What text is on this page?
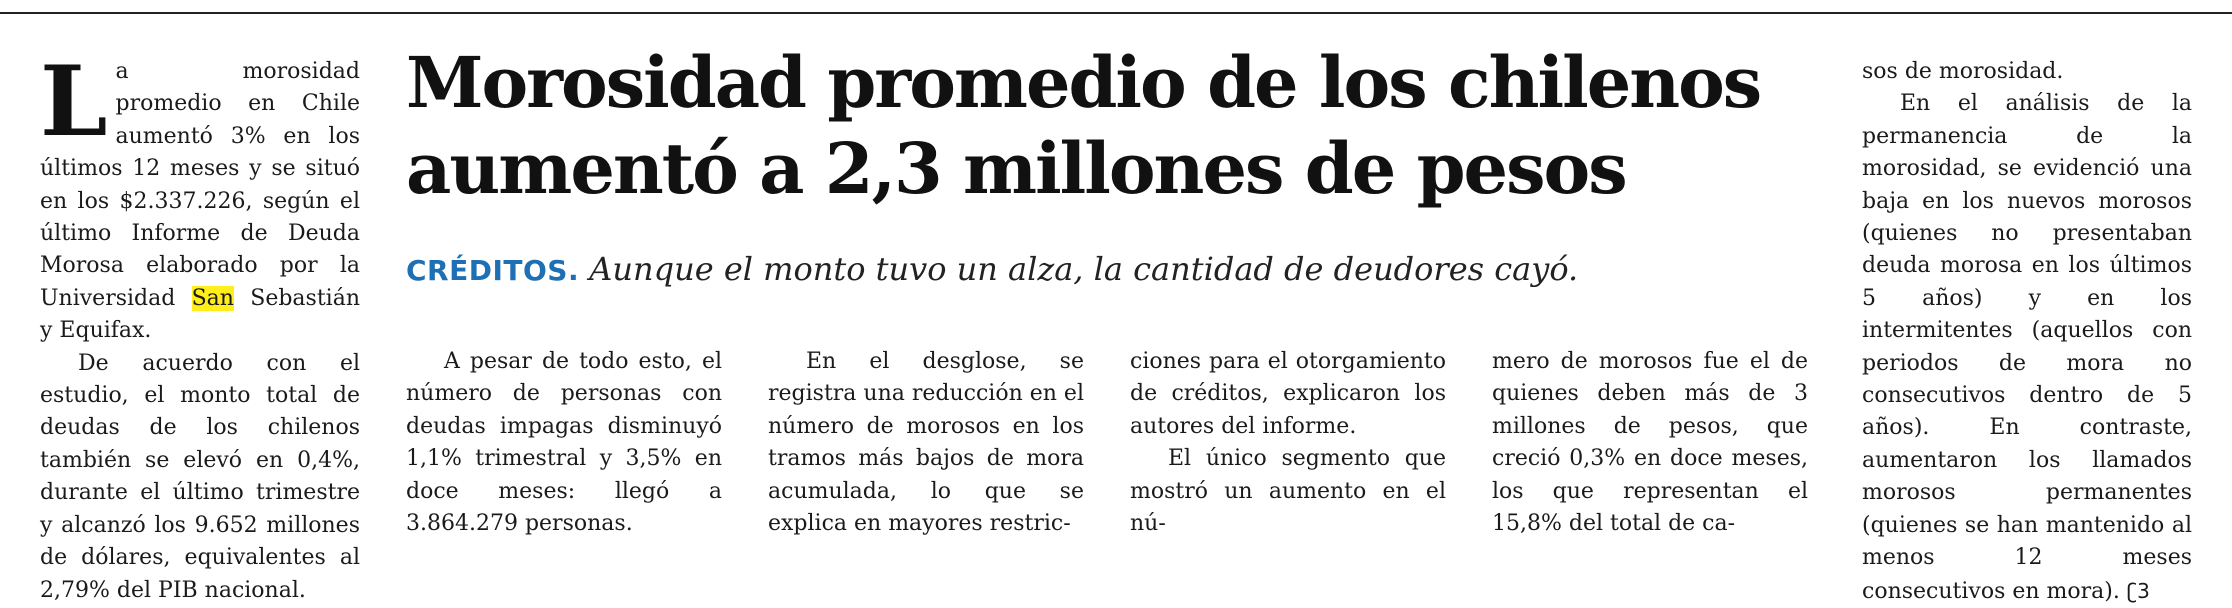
La morosidad promedio en Chile aumentó 3% en los últimos 12 meses y se situó en los $2.337.226, según el último Informe de Deuda Morosa elaborado por la Universidad San Sebastián y Equifax.

De acuerdo con el estudio, el monto total de deudas de los chilenos también se elevó en 0,4%, durante el último trimestre y alcanzó los 9.652 millones de dólares, equivalentes al 2,79% del PIB nacional.

Morosidad promedio de los chilenos
aumentó a 2,3 millones de pesos
CRÉDITOS. Aunque el monto tuvo un alza, la cantidad de deudores cayó.

A pesar de todo esto, el número de personas con deudas impagas disminuyó 1,1% trimestral y 3,5% en doce meses: llegó a 3.864.279 personas.

En el desglose, se registra una reducción en el número de morosos en los tramos más bajos de mora acumulada, lo que se explica en mayores restric-

ciones para el otorgamiento de créditos, explicaron los autores del informe.

El único segmento que mostró un aumento en el nú-

mero de morosos fue el de quienes deben más de 3 millones de pesos, que creció 0,3% en doce meses, los que representan el 15,8% del total de ca-

sos de morosidad.

En el análisis de la permanencia de la morosidad, se evidenció una baja en los nuevos morosos (quienes no presentaban deuda morosa en los últimos 5 años) y en los intermitentes (aquellos con periodos de mora no consecutivos dentro de 5 años). En contraste, aumentaron los llamados morosos permanentes (quienes se han mantenido al menos 12 meses consecutivos en mora). ʗ3
